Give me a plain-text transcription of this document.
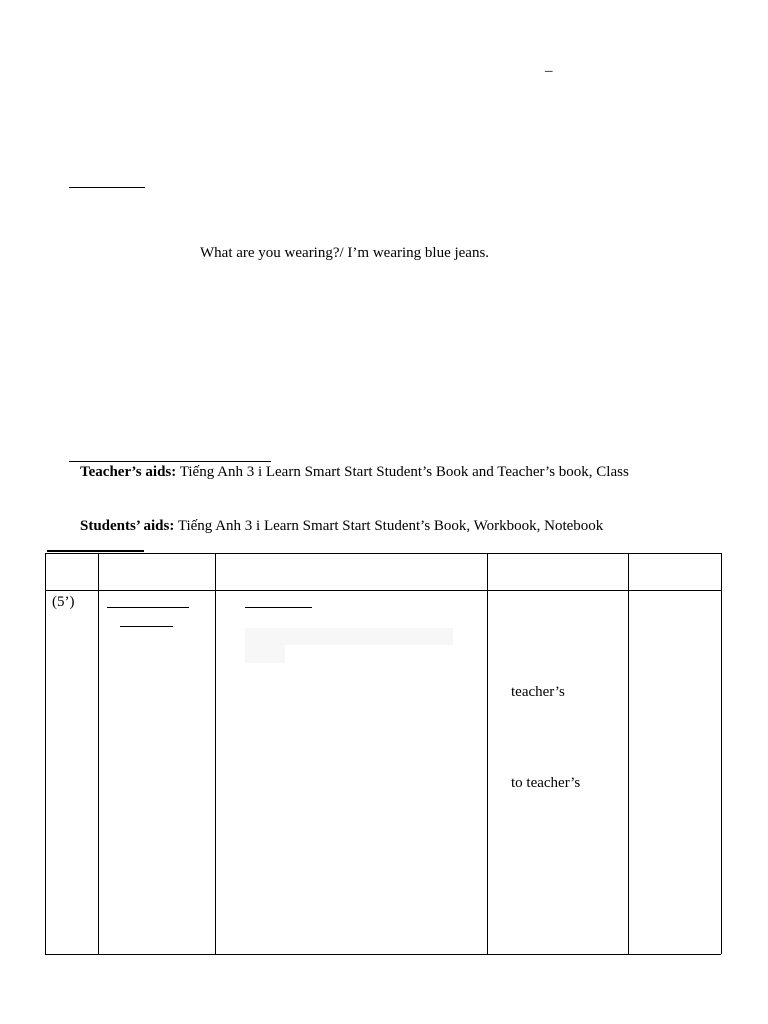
–
What are you wearing?/ I’m wearing blue jeans.
Teacher’s aids: Tiếng Anh 3 i Learn Smart Start Student’s Book and Teacher’s book, Class
Students’ aids: Tiếng Anh 3 i Learn Smart Start Student’s Book, Workbook, Notebook
(5’)
teacher’s
to teacher’s
